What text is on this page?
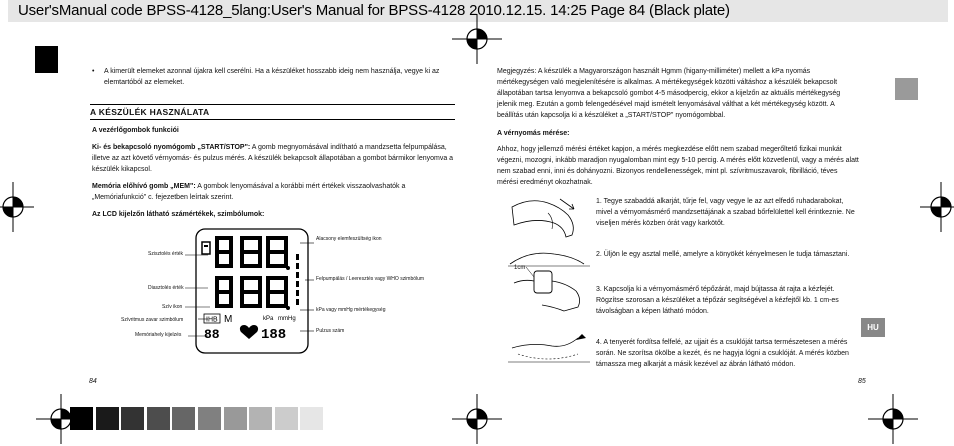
User'sManual code BPSS-4128_5lang:User's Manual for BPSS-4128 2010.12.15. 14:25 Page 84 (Black plate)
•	A kimerült elemeket azonnal újakra kell cserélni. Ha a készüléket hosszabb ideig nem használja, vegye ki az elemtartóból az elemeket.
A KÉSZÜLÉK HASZNÁLATA
A vezérlőgombok funkciói
Ki- és bekapcsoló nyomógomb „START/STOP": A gomb megnyomásával indítható a mandzsetta felpumpálása, illetve az azt követő vérnyomás- és pulzus mérés. A készülék bekapcsolt állapotában a gombot bármikor lenyomva a készülék kikapcsol.
Memória előhívó gomb „MEM": A gombok lenyomásával a korábbi mért értékek visszaolvashatók a „Memóriafunkció" c. fejezetben leírtak szerint.
Az LCD kijelzőn látható számértékek, szimbólumok:
IHB M
88
kPa mmHg
188
Szisztolés érték
Diasztolés érték
Szív ikon
Szívritmus zavar szimbólum
Memóriahely kijelzés
Alacsony elemfeszültség ikon
Felpumpálás / Leeresztés vagy WHO szimbólum
kPa vagy mmHg mértékegység
Pulzus szám
84
Megjegyzés: A készülék a Magyarországon használt Hgmm (higany-milliméter) mellett a kPa nyomás mértékegységen való megjelenítésére is alkalmas. A mértékegységek közötti váltáshoz a készülék bekapcsolt állapotában tartsa lenyomva a bekapcsoló gombot 4-5 másodpercig, ekkor a kijelzőn az aktuális mértékegység jelenik meg. Ezután a gomb felengedésével majd ismételt lenyomásával válthat a két mértékegység között. A beállítás után kapcsolja ki a készüléket a „START/STOP" nyomógombbal.
A vérnyomás mérése:
Ahhoz, hogy jellemző mérési értéket kapjon, a mérés megkezdése előtt nem szabad megerőltető fizikai munkát végezni, mozogni, inkább maradjon nyugalomban mint egy 5-10 percig. A mérés előtt közvetlenül, vagy a mérés alatt nem szabad enni, inni és dohányozni. Bizonyos rendellenességek, mint pl. szívritmuszavarok, fibrilláció, téves mérési eredményt okozhatnak.
1cm
1. Tegye szabaddá alkarját, tűrje fel, vagy vegye le az azt elfedő ruhadarabokat, mivel a vérnyomásmérő mandzsettájának a szabad bőrfelülettel kell érintkeznie. Ne viseljen mérés közben órát vagy karkötőt.
2. Üljön le egy asztal mellé, amelyre a könyökét kényelmesen le tudja támasztani.
3. Kapcsolja ki a vérnyomásmérő tépőzárát, majd bújtassa át rajta a kézfejét. Rögzítse szorosan a készüléket a tépőzár segítségével a kézfejtől kb. 1 cm-es távolságban a képen látható módon.
4. A tenyerét fordítsa felfelé, az ujjait és a csuklóját tartsa természetesen a mérés során. Ne szorítsa ökölbe a kezét, és ne hagyja lógni a csuklóját. A mérés közben támassza meg alkarját a másik kezével az ábrán látható módon.
HU
85
